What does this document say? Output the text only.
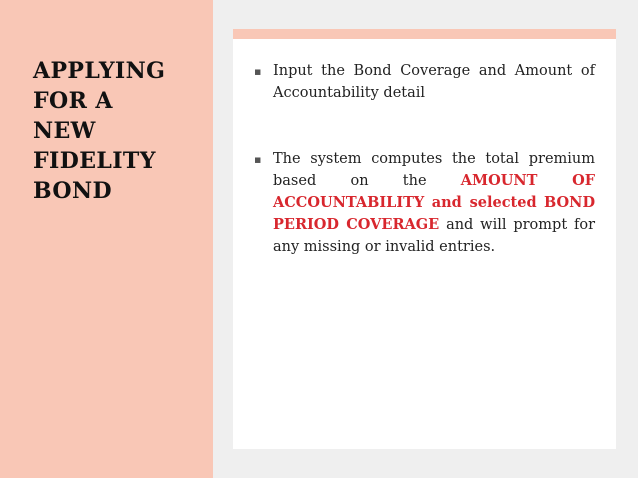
APPLYING
FOR A
NEW
FIDELITY
BOND
▪ Input the Bond Coverage and Amount of Accountability detail

▪ The system computes the total premium based on the AMOUNT OF ACCOUNTABILITY and selected BOND PERIOD COVERAGE and will prompt for any missing or invalid entries.
